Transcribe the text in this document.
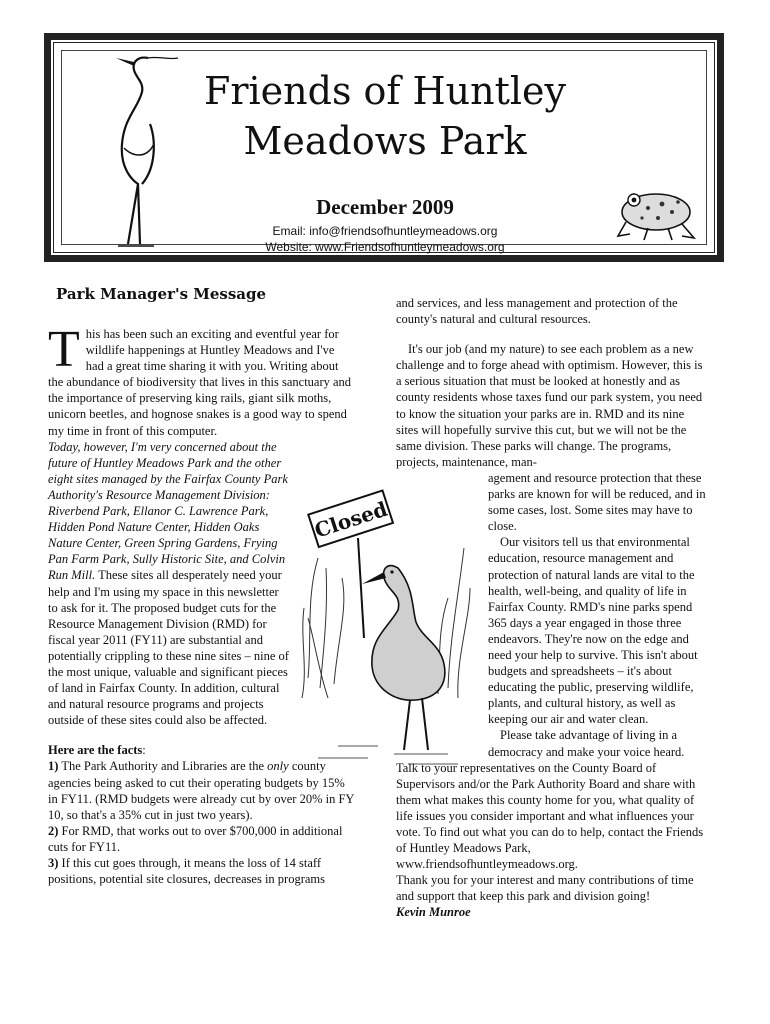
Friends of Huntley
Meadows Park
December 2009
Email: info@friendsofhuntleymeadows.org
Website: www.Friendsofhuntleymeadows.org
Park Manager's Message

This has been such an exciting and eventful year for wildlife happenings at Huntley Meadows and I've had a great time sharing it with you. Writing about the abundance of biodiversity that lives in this sanctuary and the importance of preserving king rails, giant silk moths, unicorn beetles, and hognose snakes is a good way to spend my time in front of this computer.
Today, however, I'm very concerned about the future of Huntley Meadows Park and the other eight sites managed by the Fairfax County Park Authority's Resource Management Division: Riverbend Park, Ellanor C. Lawrence Park, Hidden Pond Nature Center, Hidden Oaks Nature Center, Green Spring Gardens, Frying Pan Farm Park, Sully Historic Site, and Colvin Run Mill. These sites all desperately need your help and I'm using my space in this newsletter to ask for it. The proposed budget cuts for the Resource Management Division (RMD) for fiscal year 2011 (FY11) are substantial and potentially crippling to these nine sites – nine of the most unique, valuable and significant pieces of land in Fairfax County. In addition, cultural and natural resource programs and projects outside of these sites could also be affected.

Here are the facts:

1) The Park Authority and Libraries are the only county agencies being asked to cut their operating budgets by 15% in FY11. (RMD budgets were already cut by over 20% in FY 10, so that's a 35% cut in just two years).

2) For RMD, that works out to over $700,000 in additional cuts for FY11.

3) If this cut goes through, it means the loss of 14 staff positions, potential site closures, decreases in programs

Closed

and services, and less management and protection of the county's natural and cultural resources.

It's our job (and my nature) to see each problem as a new challenge and to forge ahead with optimism. However, this is a serious situation that must be looked at honestly and as county residents whose taxes fund our park system, you need to know the situation your parks are in. RMD and its nine sites will hopefully survive this cut, but we will not be the same division. These parks will change. The programs, projects, maintenance, man-

agement and resource protection that these parks are known for will be reduced, and in some cases, lost. Some sites may have to close.

Our visitors tell us that environmental education, resource management and protection of natural lands are vital to the health, well-being, and quality of life in Fairfax County. RMD's nine parks spend 365 days a year engaged in those three endeavors. They're now on the edge and need your help to survive. This isn't about budgets and spreadsheets – it's about educating the public, preserving wildlife, plants, and cultural history, as well as keeping our air and water clean.

Please take advantage of living in a democracy and make your voice heard.

Talk to your representatives on the County Board of Supervisors and/or the Park Authority Board and share with them what makes this county home for you, what quality of life issues you consider important and what influences your vote. To find out what you can do to help, contact the Friends of Huntley Meadows Park, www.friendsofhuntleymeadows.org.

Thank you for your interest and many contributions of time and support that keep this park and division going!

Kevin Munroe
